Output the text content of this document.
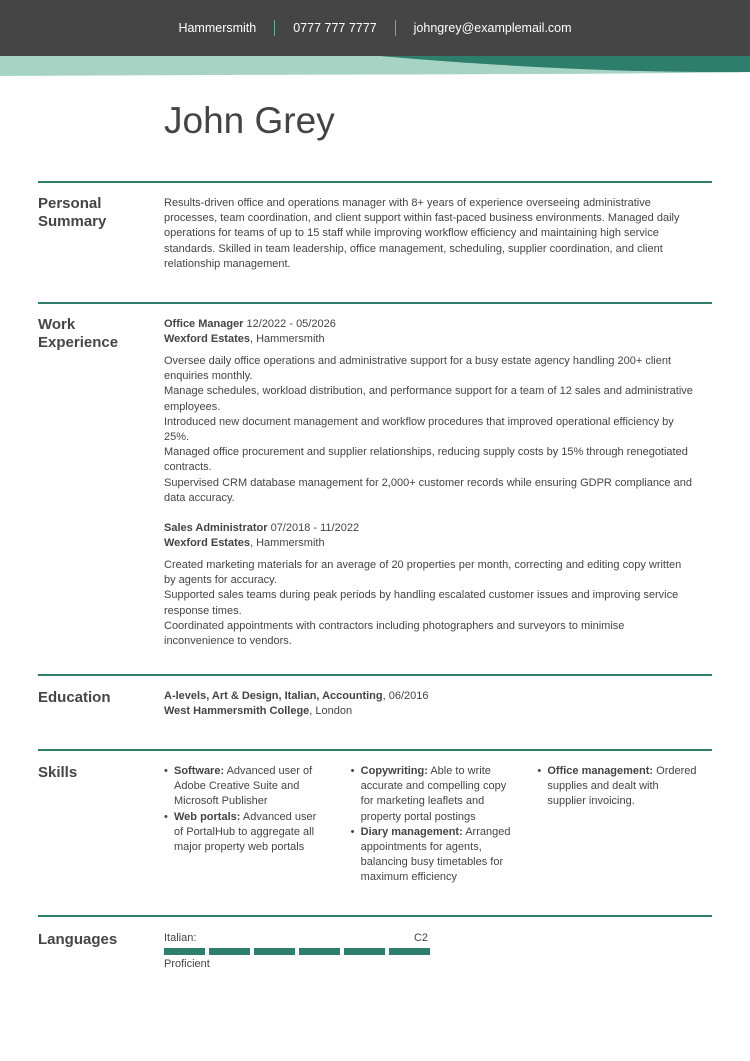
Hammersmith	0777 777 7777	johngrey@examplemail.com
John Grey
Personal
Summary
Results-driven office and operations manager with 8+ years of experience overseeing administrative
processes, team coordination, and client support within fast-paced business environments. Managed daily
operations for teams of up to 15 staff while improving workflow efficiency and maintaining high service
standards. Skilled in team leadership, office management, scheduling, supplier coordination, and client
relationship management.
Work
Experience
Office Manager 12/2022 - 05/2026
Wexford Estates, Hammersmith
Oversee daily office operations and administrative support for a busy estate agency handling 200+ client
enquiries monthly.
Manage schedules, workload distribution, and performance support for a team of 12 sales and administrative
employees.
Introduced new document management and workflow procedures that improved operational efficiency by
25%.
Managed office procurement and supplier relationships, reducing supply costs by 15% through renegotiated
contracts.
Supervised CRM database management for 2,000+ customer records while ensuring GDPR compliance and
data accuracy.
Sales Administrator 07/2018 - 11/2022
Wexford Estates, Hammersmith
Created marketing materials for an average of 20 properties per month, correcting and editing copy written
by agents for accuracy.
Supported sales teams during peak periods by handling escalated customer issues and improving service
response times.
Coordinated appointments with contractors including photographers and surveyors to minimise
inconvenience to vendors.
Education	A-levels, Art & Design, Italian, Accounting, 06/2016
West Hammersmith College, London
Skills
•	Software: Advanced user of
Adobe Creative Suite and
Microsoft Publisher
• Web portals: Advanced user
of PortalHub to aggregate all
major property web portals
• Copywriting: Able to write
accurate and compelling copy
for marketing leaflets and
property portal postings
• Diary management: Arranged
appointments for agents,
balancing busy timetables for
maximum efficiency
• Office management: Ordered
supplies and dealt with
supplier invoicing.
Languages	Italian:	C2
Proficient
